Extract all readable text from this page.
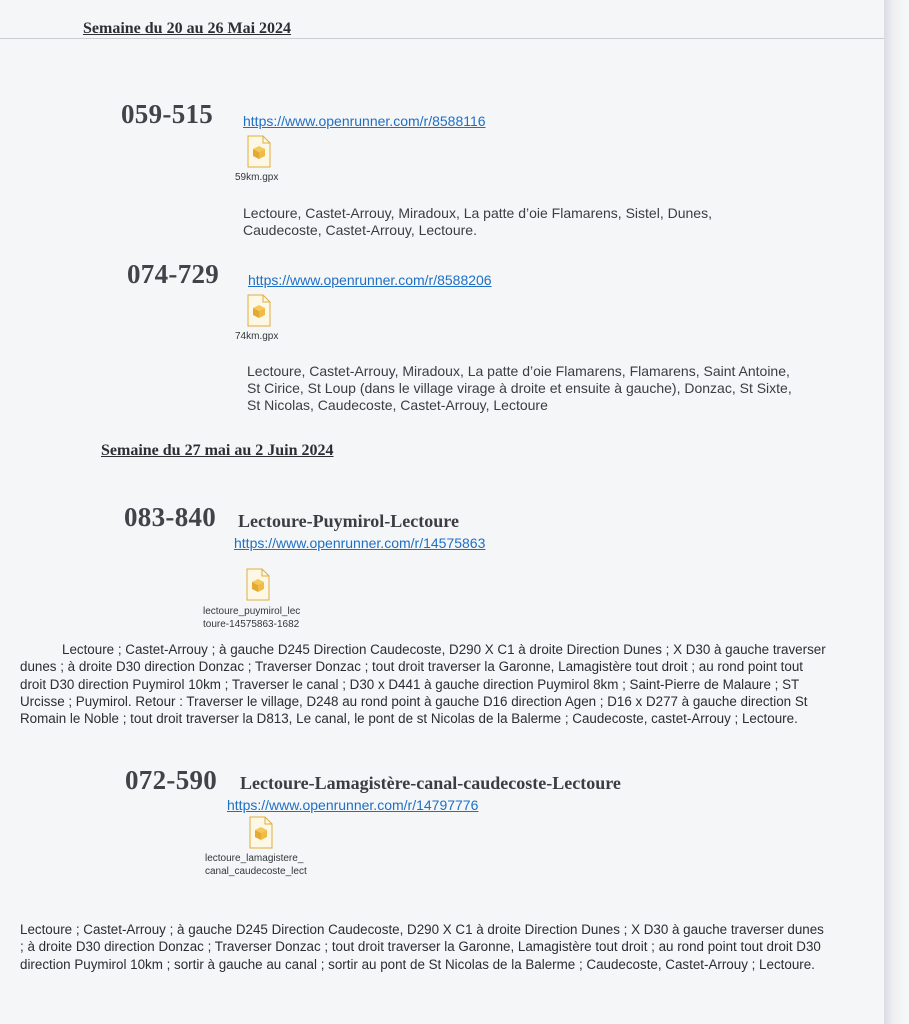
Semaine du 20 au 26 Mai 2024
059-515 https://www.openrunner.com/r/8588116
59km.gpx
Lectoure, Castet-Arrouy, Miradoux, La patte d’oie Flamarens, Sistel, Dunes, Caudecoste, Castet-Arrouy, Lectoure.
074-729 https://www.openrunner.com/r/8588206
74km.gpx
Lectoure, Castet-Arrouy, Miradoux, La patte d’oie Flamarens, Flamarens, Saint Antoine, St Cirice, St Loup (dans le village virage à droite et ensuite à gauche), Donzac, St Sixte, St Nicolas, Caudecoste, Castet-Arrouy, Lectoure
Semaine du 27 mai au 2 Juin 2024
083-840 Lectoure-Puymirol-Lectoure
https://www.openrunner.com/r/14575863
lectoure_puymirol_lec
toure-14575863-1682
Lectoure ; Castet-Arrouy ; à gauche D245 Direction Caudecoste, D290 X C1 à droite Direction Dunes ; X D30 à gauche traverser dunes ; à droite D30 direction Donzac ; Traverser Donzac ; tout droit traverser la Garonne, Lamagistère tout droit ; au rond point tout droit D30 direction Puymirol 10km ; Traverser le canal ; D30 x D441 à gauche direction Puymirol 8km ; Saint-Pierre de Malaure ; ST Urcisse ; Puymirol. Retour : Traverser le village, D248 au rond point à gauche D16 direction Agen ; D16 x D277 à gauche direction St Romain le Noble ; tout droit traverser la D813, Le canal, le pont de st Nicolas de la Balerme ; Caudecoste, castet-Arrouy ; Lectoure.
072-590 Lectoure-Lamagistère-canal-caudecoste-Lectoure
https://www.openrunner.com/r/14797776
lectoure_lamagistere_
canal_caudecoste_lect
Lectoure ; Castet-Arrouy ; à gauche D245 Direction Caudecoste, D290 X C1 à droite Direction Dunes ; X D30 à gauche traverser dunes ; à droite D30 direction Donzac ; Traverser Donzac ; tout droit traverser la Garonne, Lamagistère tout droit ; au rond point tout droit D30 direction Puymirol 10km ; sortir à gauche au canal ; sortir au pont de St Nicolas de la Balerme ; Caudecoste, Castet-Arrouy ; Lectoure.
